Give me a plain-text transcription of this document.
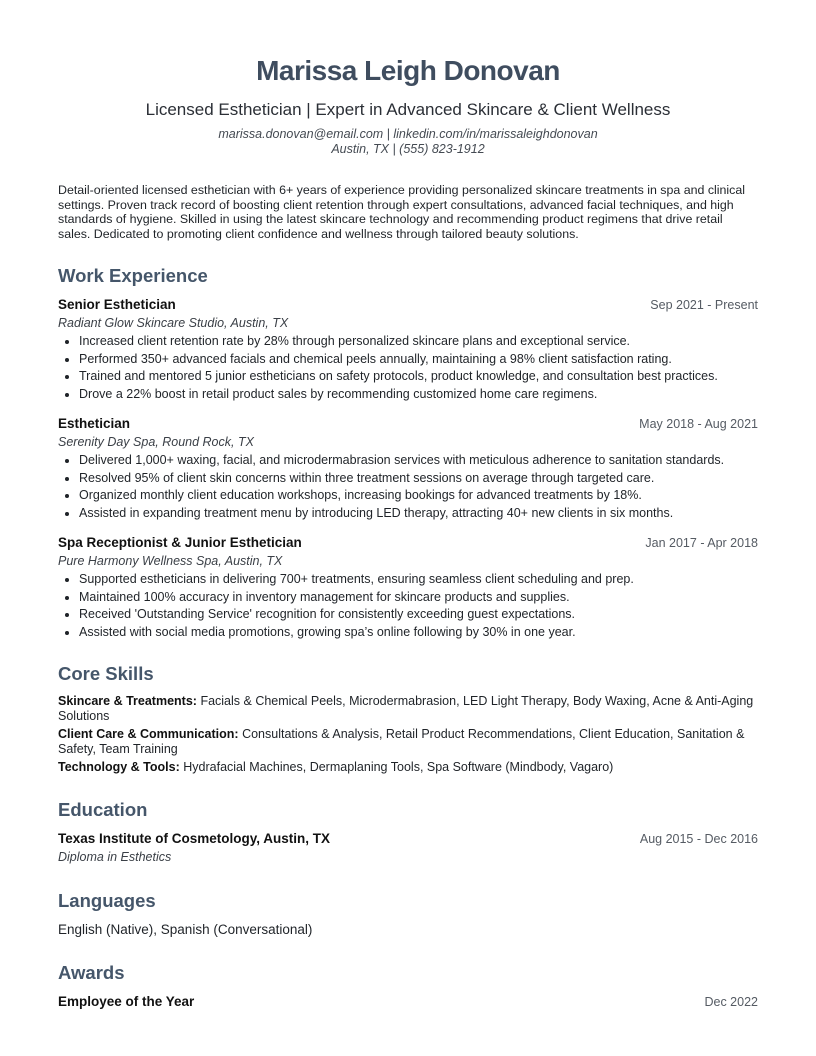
Marissa Leigh Donovan
Licensed Esthetician | Expert in Advanced Skincare & Client Wellness
marissa.donovan@email.com | linkedin.com/in/marissaleighdonovan
Austin, TX | (555) 823-1912
Detail-oriented licensed esthetician with 6+ years of experience providing personalized skincare treatments in spa and clinical settings. Proven track record of boosting client retention through expert consultations, advanced facial techniques, and high standards of hygiene. Skilled in using the latest skincare technology and recommending product regimens that drive retail sales. Dedicated to promoting client confidence and wellness through tailored beauty solutions.
Work Experience
Senior Esthetician	Sep 2021 - Present
Radiant Glow Skincare Studio, Austin, TX
• Increased client retention rate by 28% through personalized skincare plans and exceptional service.
• Performed 350+ advanced facials and chemical peels annually, maintaining a 98% client satisfaction rating.
• Trained and mentored 5 junior estheticians on safety protocols, product knowledge, and consultation best practices.
• Drove a 22% boost in retail product sales by recommending customized home care regimens.
Esthetician	May 2018 - Aug 2021
Serenity Day Spa, Round Rock, TX
• Delivered 1,000+ waxing, facial, and microdermabrasion services with meticulous adherence to sanitation standards.
• Resolved 95% of client skin concerns within three treatment sessions on average through targeted care.
• Organized monthly client education workshops, increasing bookings for advanced treatments by 18%.
• Assisted in expanding treatment menu by introducing LED therapy, attracting 40+ new clients in six months.
Spa Receptionist & Junior Esthetician	Jan 2017 - Apr 2018
Pure Harmony Wellness Spa, Austin, TX
• Supported estheticians in delivering 700+ treatments, ensuring seamless client scheduling and prep.
• Maintained 100% accuracy in inventory management for skincare products and supplies.
• Received 'Outstanding Service' recognition for consistently exceeding guest expectations.
• Assisted with social media promotions, growing spa’s online following by 30% in one year.
Core Skills
Skincare & Treatments: Facials & Chemical Peels, Microdermabrasion, LED Light Therapy, Body Waxing, Acne & Anti-Aging Solutions
Client Care & Communication: Consultations & Analysis, Retail Product Recommendations, Client Education, Sanitation & Safety, Team Training
Technology & Tools: Hydrafacial Machines, Dermaplaning Tools, Spa Software (Mindbody, Vagaro)
Education
Texas Institute of Cosmetology, Austin, TX	Aug 2015 - Dec 2016
Diploma in Esthetics
Languages
English (Native), Spanish (Conversational)
Awards
Employee of the Year	Dec 2022
